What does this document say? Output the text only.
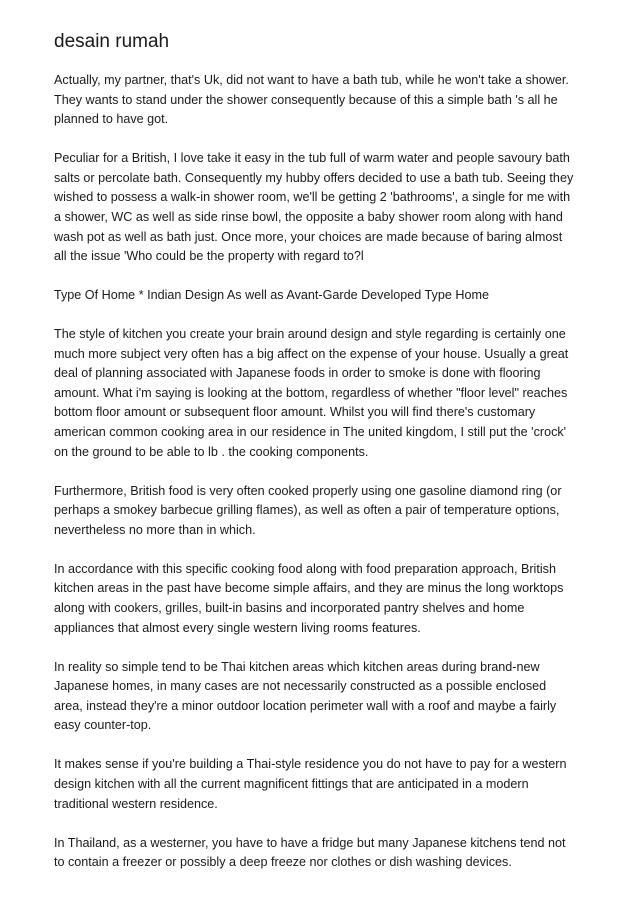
desain rumah

Actually, my partner, that's Uk, did not want to have a bath tub, while he won't take a shower.
They wants to stand under the shower consequently because of this a simple bath 's all he
planned to have got.

Peculiar for a British, I love take it easy in the tub full of warm water and people savoury bath
salts or percolate bath. Consequently my hubby offers decided to use a bath tub. Seeing they
wished to possess a walk-in shower room, we'll be getting 2 'bathrooms', a single for me with
a shower, WC as well as side rinse bowl, the opposite a baby shower room along with hand
wash pot as well as bath just. Once more, your choices are made because of baring almost
all the issue 'Who could be the property with regard to?l

Type Of Home * Indian Design As well as Avant-Garde Developed Type Home

The style of kitchen you create your brain around design and style regarding is certainly one
much more subject very often has a big affect on the expense of your house. Usually a great
deal of planning associated with Japanese foods in order to smoke is done with flooring
amount. What i'm saying is looking at the bottom, regardless of whether "floor level" reaches
bottom floor amount or subsequent floor amount. Whilst you will find there's customary
american common cooking area in our residence in The united kingdom, I still put the 'crock'
on the ground to be able to lb . the cooking components.

Furthermore, British food is very often cooked properly using one gasoline diamond ring (or
perhaps a smokey barbecue grilling flames), as well as often a pair of temperature options,
nevertheless no more than in which.

In accordance with this specific cooking food along with food preparation approach, British
kitchen areas in the past have become simple affairs, and they are minus the long worktops
along with cookers, grilles, built-in basins and incorporated pantry shelves and home
appliances that almost every single western living rooms features.

In reality so simple tend to be Thai kitchen areas which kitchen areas during brand-new
Japanese homes, in many cases are not necessarily constructed as a possible enclosed
area, instead they're a minor outdoor location perimeter wall with a roof and maybe a fairly
easy counter-top.

It makes sense if you're building a Thai-style residence you do not have to pay for a western
design kitchen with all the current magnificent fittings that are anticipated in a modern
traditional western residence.

In Thailand, as a westerner, you have to have a fridge but many Japanese kitchens tend not
to contain a freezer or possibly a deep freeze nor clothes or dish washing devices.
